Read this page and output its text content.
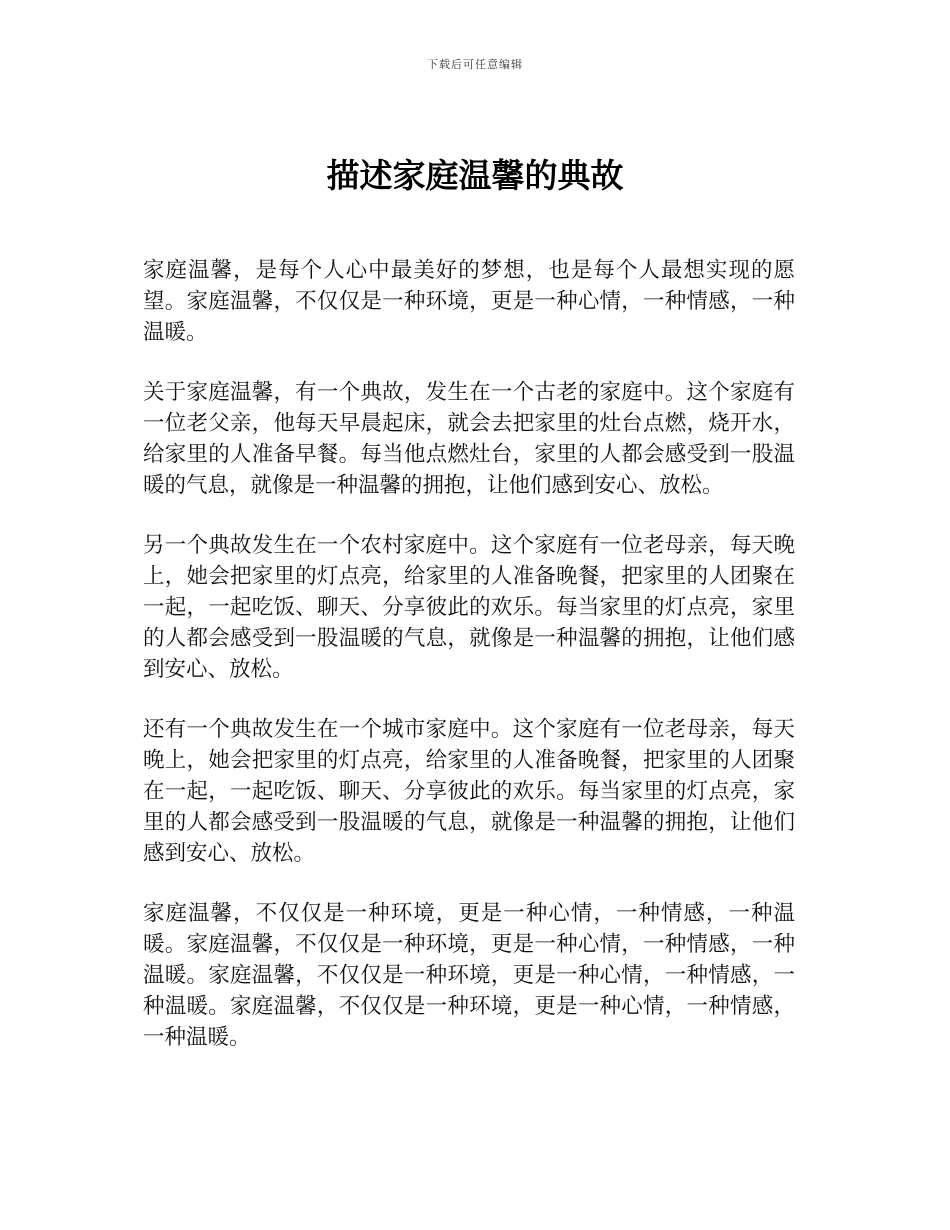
下载后可任意编辑
描述家庭温馨的典故

家庭温馨，是每个人心中最美好的梦想，也是每个人最想实现的愿望。家庭温馨，不仅仅是一种环境，更是一种心情，一种情感，一种温暖。

关于家庭温馨，有一个典故，发生在一个古老的家庭中。这个家庭有一位老父亲，他每天早晨起床，就会去把家里的灶台点燃，烧开水，给家里的人准备早餐。每当他点燃灶台，家里的人都会感受到一股温暖的气息，就像是一种温馨的拥抱，让他们感到安心、放松。

另一个典故发生在一个农村家庭中。这个家庭有一位老母亲，每天晚上，她会把家里的灯点亮，给家里的人准备晚餐，把家里的人团聚在一起，一起吃饭、聊天、分享彼此的欢乐。每当家里的灯点亮，家里的人都会感受到一股温暖的气息，就像是一种温馨的拥抱，让他们感到安心、放松。

还有一个典故发生在一个城市家庭中。这个家庭有一位老母亲，每天晚上，她会把家里的灯点亮，给家里的人准备晚餐，把家里的人团聚在一起，一起吃饭、聊天、分享彼此的欢乐。每当家里的灯点亮，家里的人都会感受到一股温暖的气息，就像是一种温馨的拥抱，让他们感到安心、放松。

家庭温馨，不仅仅是一种环境，更是一种心情，一种情感，一种温暖。家庭温馨，不仅仅是一种环境，更是一种心情，一种情感，一种温暖。家庭温馨，不仅仅是一种环境，更是一种心情，一种情感，一种温暖。家庭温馨，不仅仅是一种环境，更是一种心情，一种情感，一种温暖。
